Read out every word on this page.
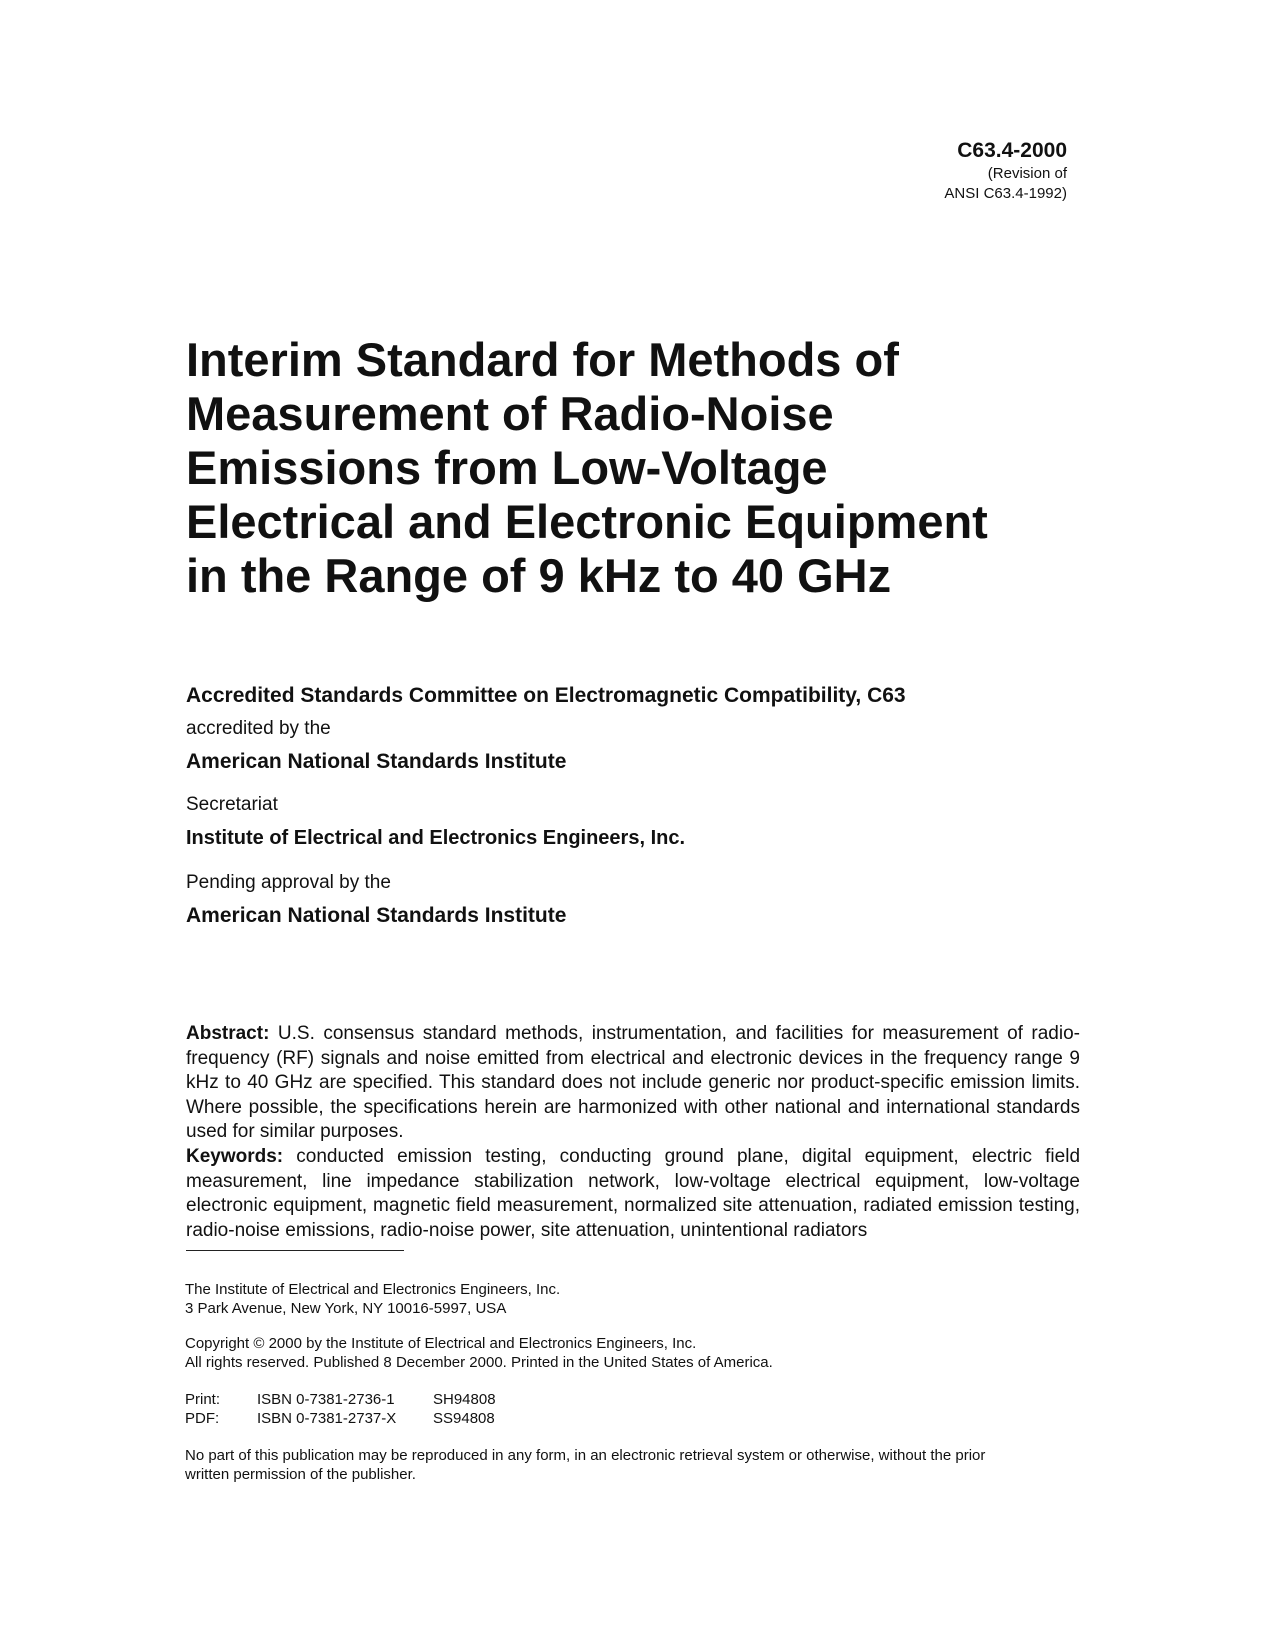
C63.4-2000
(Revision of
ANSI C63.4-1992)
Interim Standard for Methods of
Measurement of Radio-Noise
Emissions from Low-Voltage
Electrical and Electronic Equipment
in the Range of 9 kHz to 40 GHz
Accredited Standards Committee on Electromagnetic Compatibility, C63
accredited by the
American National Standards Institute
Secretariat
Institute of Electrical and Electronics Engineers, Inc.
Pending approval by the
American National Standards Institute

Abstract: U.S. consensus standard methods, instrumentation, and facilities for measurement of radio-frequency (RF) signals and noise emitted from electrical and electronic devices in the frequency range 9 kHz to 40 GHz are specified. This standard does not include generic nor product-specific emission limits. Where possible, the specifications herein are harmonized with other national and international standards used for similar purposes.

Keywords: conducted emission testing, conducting ground plane, digital equipment, electric field measurement, line impedance stabilization network, low-voltage electrical equipment, low-voltage electronic equipment, magnetic field measurement, normalized site attenuation, radiated emission testing, radio-noise emissions, radio-noise power, site attenuation, unintentional radiators

The Institute of Electrical and Electronics Engineers, Inc.
3 Park Avenue, New York, NY 10016-5997, USA
Copyright © 2000 by the Institute of Electrical and Electronics Engineers, Inc.
All rights reserved. Published 8 December 2000. Printed in the United States of America.
Print:	ISBN 0-7381-2736-1	SH94808
PDF:	ISBN 0-7381-2737-X	SS94808
No part of this publication may be reproduced in any form, in an electronic retrieval system or otherwise, without the prior
written permission of the publisher.
